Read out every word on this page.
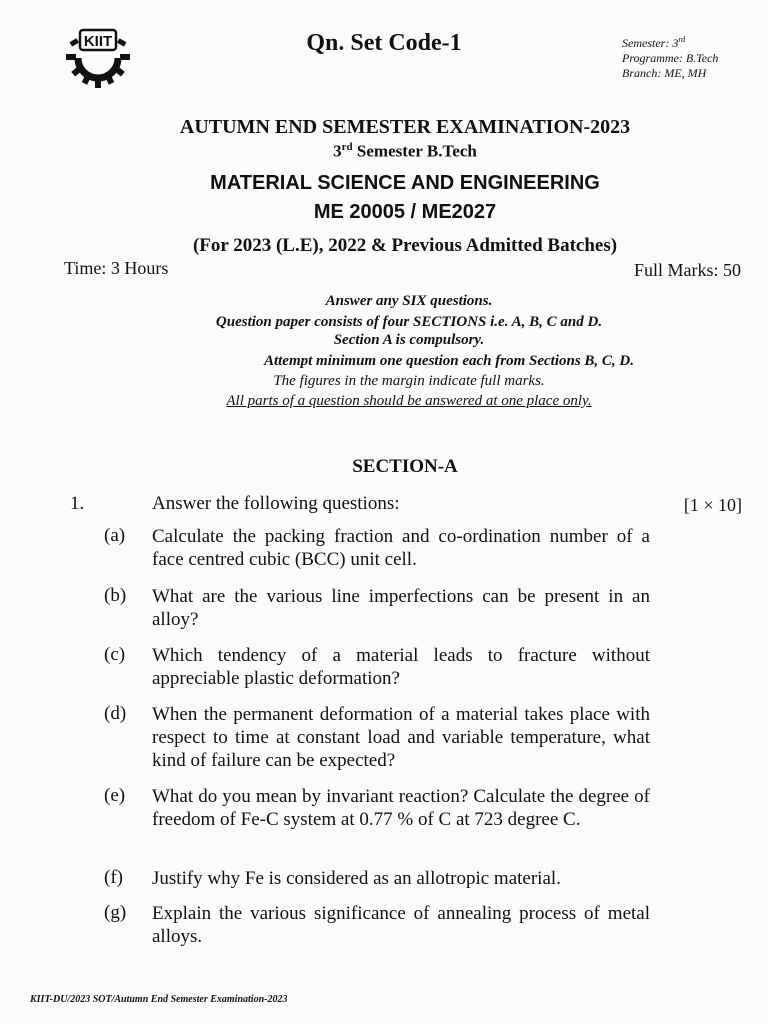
KIIT	Qn. Set Code-1	Semester: 3rd
Programme: B.Tech
Branch: ME, MH
AUTUMN END SEMESTER EXAMINATION-2023
3rd Semester B.Tech
MATERIAL SCIENCE AND ENGINEERING
ME 20005 / ME2027
(For 2023 (L.E), 2022 & Previous Admitted Batches)
Time: 3 Hours	Full Marks: 50
Answer any SIX questions.
Question paper consists of four SECTIONS i.e. A, B, C and D.
Section A is compulsory.
Attempt minimum one question each from Sections B, C, D.
The figures in the margin indicate full marks.
All parts of a question should be answered at one place only.
SECTION-A
1.	Answer the following questions:	[1 × 10]
(a) Calculate the packing fraction and co-ordination number of a face centred cubic (BCC) unit cell.
(b) What are the various line imperfections can be present in an alloy?
(c) Which tendency of a material leads to fracture without appreciable plastic deformation?
(d) When the permanent deformation of a material takes place with respect to time at constant load and variable temperature, what kind of failure can be expected?
(e) What do you mean by invariant reaction? Calculate the degree of freedom of Fe-C system at 0.77 % of C at 723 degree C.
(f) Justify why Fe is considered as an allotropic material.
(g) Explain the various significance of annealing process of metal alloys.
KIIT-DU/2023 SOT/Autumn End Semester Examination-2023
